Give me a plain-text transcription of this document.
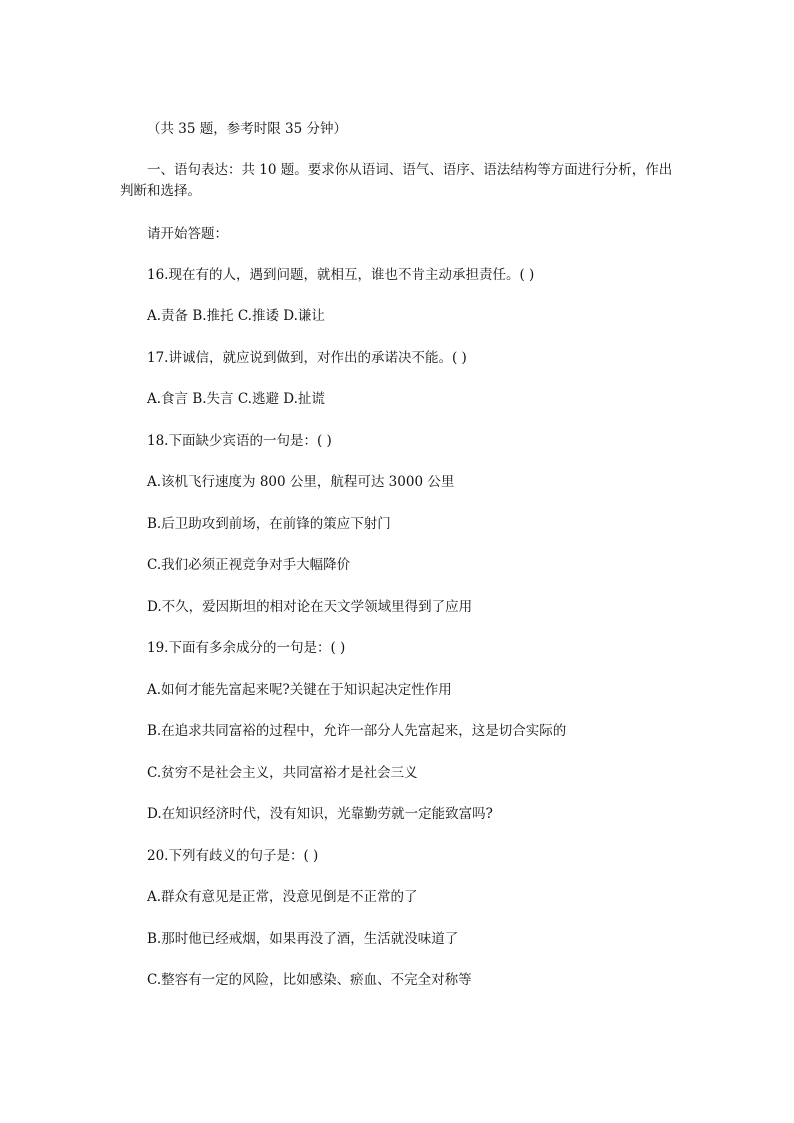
（共 35 题，参考时限 35 分钟）
一、语句表达：共 10 题。要求你从语词、语气、语序、语法结构等方面进行分析，作出判断和选择。
请开始答题：
16.现在有的人，遇到问题，就相互，谁也不肯主动承担责任。( )
A.责备 B.推托 C.推诿 D.谦让
17.讲诚信，就应说到做到，对作出的承诺决不能。( )
A.食言 B.失言 C.逃避 D.扯谎
18.下面缺少宾语的一句是：( )
A.该机飞行速度为 800 公里，航程可达 3000 公里
B.后卫助攻到前场，在前锋的策应下射门
C.我们必须正视竞争对手大幅降价
D.不久，爱因斯坦的相对论在天文学领域里得到了应用
19.下面有多余成分的一句是：( )
A.如何才能先富起来呢?关键在于知识起决定性作用
B.在追求共同富裕的过程中，允许一部分人先富起来，这是切合实际的
C.贫穷不是社会主义，共同富裕才是社会三义
D.在知识经济时代，没有知识，光靠勤劳就一定能致富吗?
20.下列有歧义的句子是：( )
A.群众有意见是正常，没意见倒是不正常的了
B.那时他已经戒烟，如果再没了酒，生活就没味道了
C.整容有一定的风险，比如感染、瘀血、不完全对称等
